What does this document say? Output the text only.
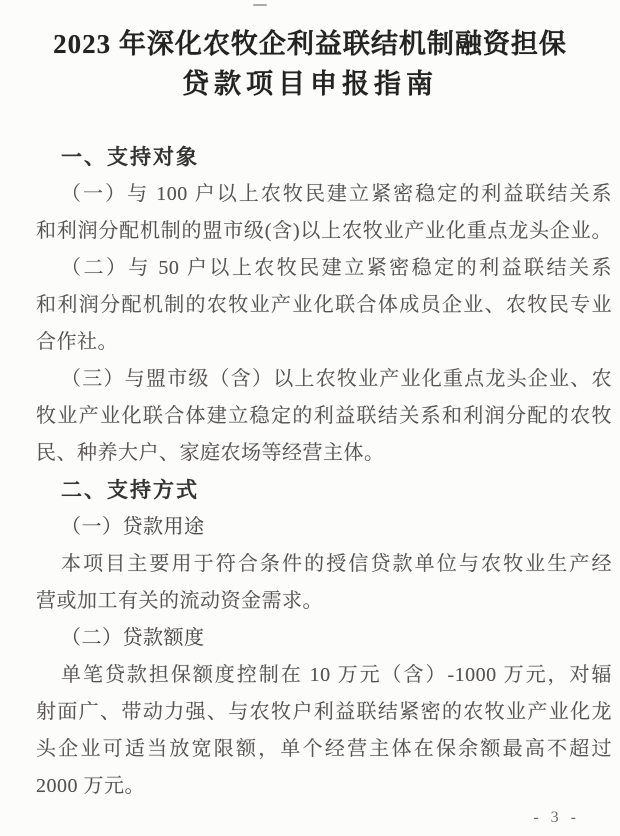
2023 年深化农牧企利益联结机制融资担保
贷款项目申报指南
一、支持对象
（一）与 100 户以上农牧民建立紧密稳定的利益联结关系
和利润分配机制的盟市级(含)以上农牧业产业化重点龙头企业。
（二）与 50 户以上农牧民建立紧密稳定的利益联结关系
和利润分配机制的农牧业产业化联合体成员企业、农牧民专业
合作社。
（三）与盟市级（含）以上农牧业产业化重点龙头企业、农
牧业产业化联合体建立稳定的利益联结关系和利润分配的农牧
民、种养大户、家庭农场等经营主体。
二、支持方式
（一）贷款用途
本项目主要用于符合条件的授信贷款单位与农牧业生产经
营或加工有关的流动资金需求。
（二）贷款额度
单笔贷款担保额度控制在 10 万元（含）-1000 万元，对辐
射面广、带动力强、与农牧户利益联结紧密的农牧业产业化龙
头企业可适当放宽限额，单个经营主体在保余额最高不超过
2000 万元。
- 3 -
